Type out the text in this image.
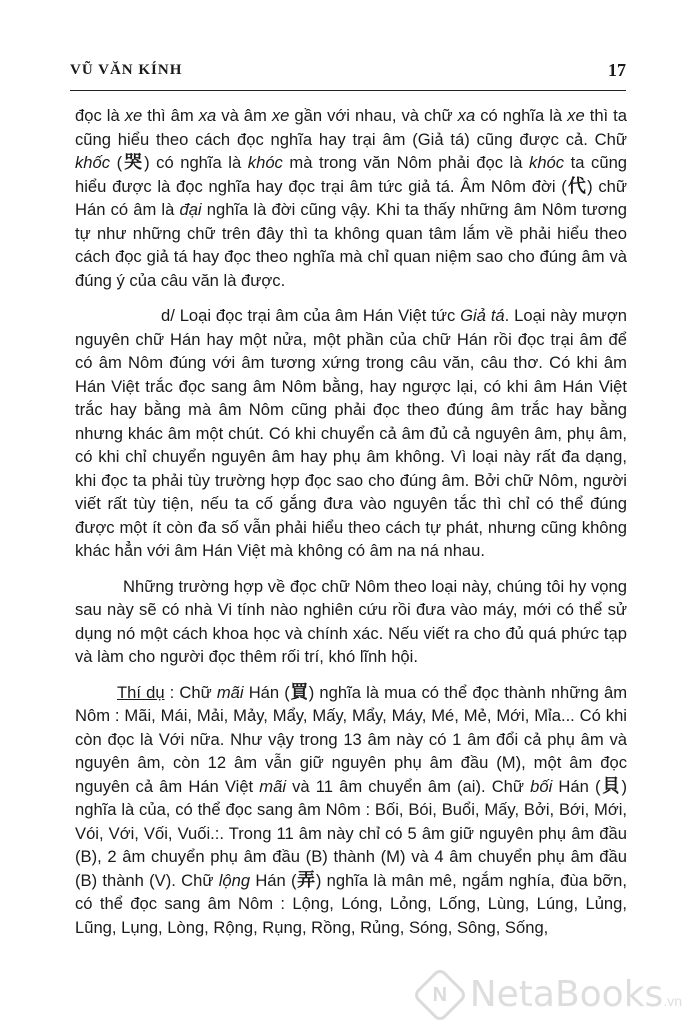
VŨ VĂN KÍNH	17

đọc là xe thì âm xa và âm xe gần với nhau, và chữ xa có nghĩa là xe thì ta cũng hiểu theo cách đọc nghĩa hay trại âm (Giả tá) cũng được cả. Chữ khốc (哭) có nghĩa là khóc mà trong văn Nôm phải đọc là khóc ta cũng hiểu được là đọc nghĩa hay đọc trại âm tức giả tá. Âm Nôm đời (代) chữ Hán có âm là đại nghĩa là đời cũng vậy. Khi ta thấy những âm Nôm tương tự như những chữ trên đây thì ta không quan tâm lắm về phải hiểu theo cách đọc giả tá hay đọc theo nghĩa mà chỉ quan niệm sao cho đúng âm và đúng ý của câu văn là được.

d/ Loại đọc trại âm của âm Hán Việt tức Giả tá. Loại này mượn nguyên chữ Hán hay một nửa, một phần của chữ Hán rồi đọc trại âm để có âm Nôm đúng với âm tương xứng trong câu văn, câu thơ. Có khi âm Hán Việt trắc đọc sang âm Nôm bằng, hay ngược lại, có khi âm Hán Việt trắc hay bằng mà âm Nôm cũng phải đọc theo đúng âm trắc hay bằng nhưng khác âm một chút. Có khi chuyển cả âm đủ cả nguyên âm, phụ âm, có khi chỉ chuyển nguyên âm hay phụ âm không. Vì loại này rất đa dạng, khi đọc ta phải tùy trường hợp đọc sao cho đúng âm. Bởi chữ Nôm, người viết rất tùy tiện, nếu ta cố gắng đưa vào nguyên tắc thì chỉ có thể đúng được một ít còn đa số vẫn phải hiểu theo cách tự phát, nhưng cũng không khác hẳn với âm Hán Việt mà không có âm na ná nhau.

Những trường hợp về đọc chữ Nôm theo loại này, chúng tôi hy vọng sau này sẽ có nhà Vi tính nào nghiên cứu rồi đưa vào máy, mới có thể sử dụng nó một cách khoa học và chính xác. Nếu viết ra cho đủ quá phức tạp và làm cho người đọc thêm rối trí, khó lĩnh hội.

Thí dụ : Chữ mãi Hán (買) nghĩa là mua có thể đọc thành những âm Nôm : Mãi, Mái, Mải, Mảy, Mẩy, Mấy, Mẩy, Máy, Mé, Mẻ, Mới, Mỉa... Có khi còn đọc là Với nữa. Như vậy trong 13 âm này có 1 âm đổi cả phụ âm và nguyên âm, còn 12 âm vẫn giữ nguyên phụ âm đầu (M), một âm đọc nguyên cả âm Hán Việt mãi và 11 âm chuyển âm (ai). Chữ bối Hán (貝) nghĩa là của, có thể đọc sang âm Nôm : Bối, Bói, Buổi, Mấy, Bởi, Bới, Mới, Vói, Với, Vối, Vuối.:. Trong 11 âm này chỉ có 5 âm giữ nguyên phụ âm đầu (B), 2 âm chuyển phụ âm đầu (B) thành (M) và 4 âm chuyển phụ âm đầu (B) thành (V). Chữ lộng Hán (弄) nghĩa là mân mê, ngắm nghía, đùa bỡn, có thể đọc sang âm Nôm : Lộng, Lóng, Lỏng, Lống, Lùng, Lúng, Lủng, Lũng, Lụng, Lòng, Rộng, Rụng, Rồng, Rủng, Sóng, Sông, Sống,

N NetaBooks .vn
